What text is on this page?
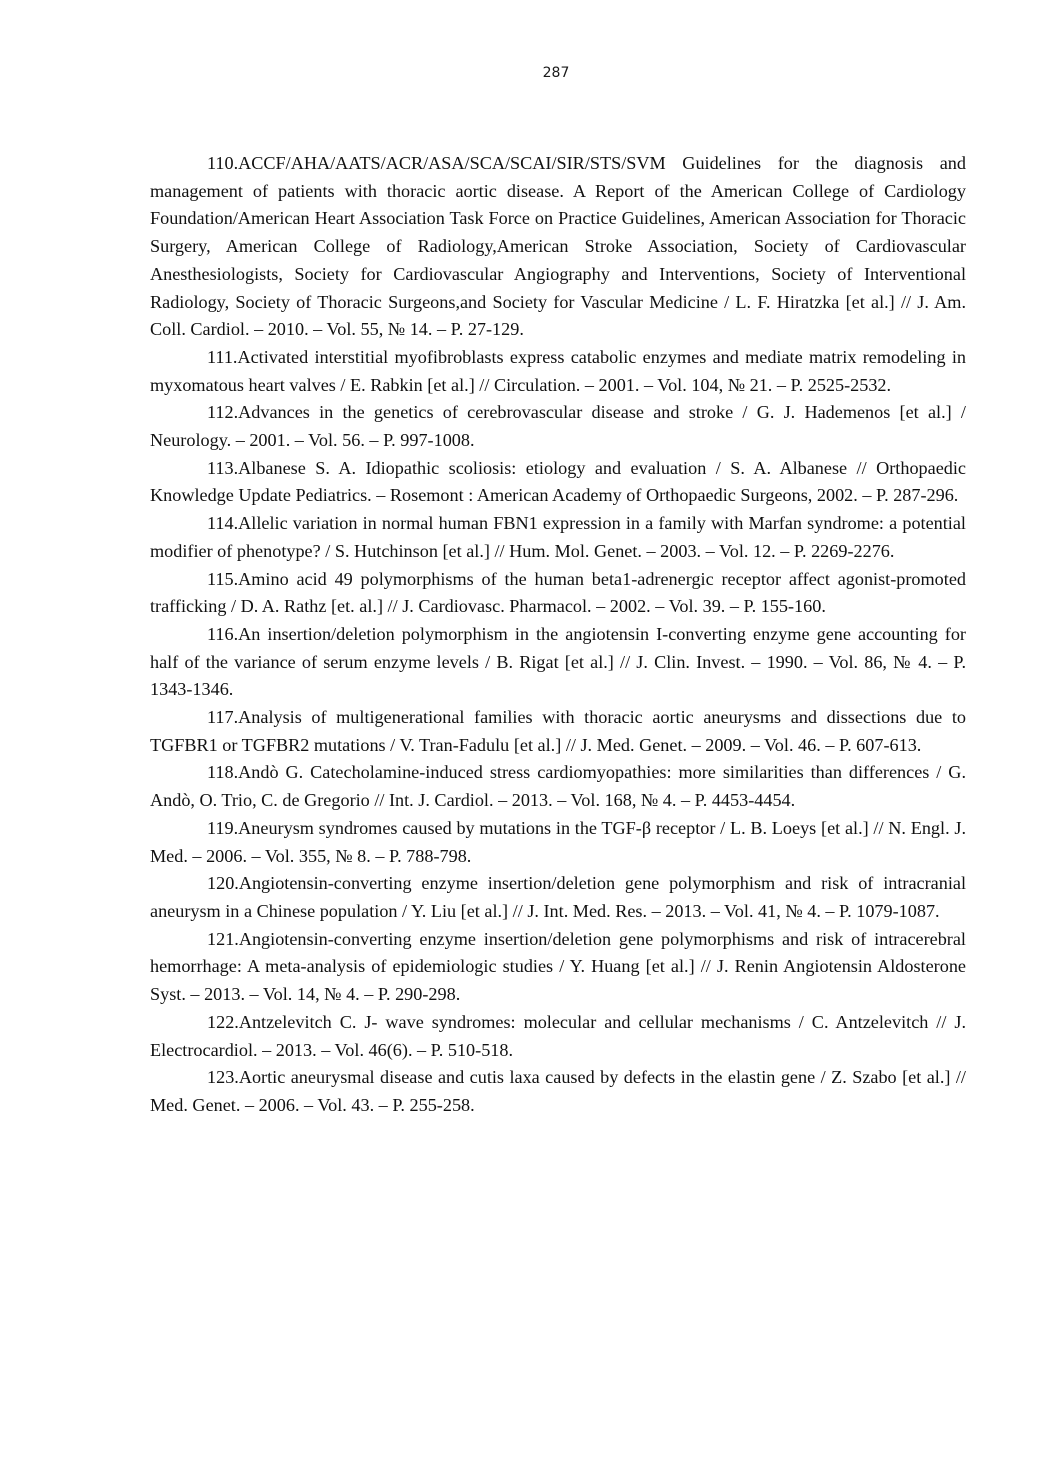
287
110.ACCF/AHA/AATS/ACR/ASA/SCA/SCAI/SIR/STS/SVM Guidelines for the diagnosis and management of patients with thoracic aortic disease. A Report of the American College of Cardiology Foundation/American Heart Association Task Force on Practice Guidelines, American Association for Thoracic Surgery, American College of Radiology,American Stroke Association, Society of Cardiovascular Anesthesiologists, Society for Cardiovascular Angiography and Interventions, Society of Interventional Radiology, Society of Thoracic Surgeons,and Society for Vascular Medicine / L. F. Hiratzka [et al.] // J. Am. Coll. Cardiol. – 2010. – Vol. 55, № 14. – P. 27-129.
111.Activated interstitial myofibroblasts express catabolic enzymes and mediate matrix remodeling in myxomatous heart valves / E. Rabkin [et al.] // Circulation. – 2001. – Vol. 104, № 21. – P. 2525-2532.
112.Advances in the genetics of cerebrovascular disease and stroke / G. J. Hademenos [et al.] / Neurology. – 2001. – Vol. 56. – P. 997-1008.
113.Albanese S. A. Idiopathic scoliosis: etiology and evaluation / S. A. Albanese // Orthopaedic Knowledge Update Pediatrics. – Rosemont : American Academy of Orthopaedic Surgeons, 2002. – P. 287-296.
114.Allelic variation in normal human FBN1 expression in a family with Marfan syndrome: a potential modifier of phenotype? / S. Hutchinson [et al.] // Hum. Mol. Genet. – 2003. – Vol. 12. – P. 2269-2276.
115.Amino acid 49 polymorphisms of the human beta1-adrenergic receptor affect agonist-promoted trafficking / D. A. Rathz [et. al.] // J. Cardiovasc. Pharmacol. – 2002. – Vol. 39. – P. 155-160.
116.An insertion/deletion polymorphism in the angiotensin I-converting enzyme gene accounting for half of the variance of serum enzyme levels / B. Rigat [et al.] // J. Clin. Invest. – 1990. – Vol. 86, № 4. – P. 1343-1346.
117.Analysis of multigenerational families with thoracic aortic aneurysms and dissections due to TGFBR1 or TGFBR2 mutations / V. Tran-Fadulu [et al.] // J. Med. Genet. – 2009. – Vol. 46. – P. 607-613.
118.Andò G. Catecholamine-induced stress cardiomyopathies: more similarities than differences / G. Andò, O. Trio, C. de Gregorio // Int. J. Cardiol. – 2013. – Vol. 168, № 4. – P. 4453-4454.
119.Aneurysm syndromes caused by mutations in the TGF-β receptor / L. B. Loeys [et al.] // N. Engl. J. Med. – 2006. – Vol. 355, № 8. – P. 788-798.
120.Angiotensin-converting enzyme insertion/deletion gene polymorphism and risk of intracranial aneurysm in a Chinese population / Y. Liu [et al.] // J. Int. Med. Res. – 2013. – Vol. 41, № 4. – P. 1079-1087.
121.Angiotensin-converting enzyme insertion/deletion gene polymorphisms and risk of intracerebral hemorrhage: A meta-analysis of epidemiologic studies / Y. Huang [et al.] // J. Renin Angiotensin Aldosterone Syst. – 2013. – Vol. 14, № 4. – P. 290-298.
122.Antzelevitch C. J- wave syndromes: molecular and cellular mechanisms / C. Antzelevitch // J. Electrocardiol. – 2013. – Vol. 46(6). – P. 510-518.
123.Aortic aneurysmal disease and cutis laxa caused by defects in the elastin gene / Z. Szabo [et al.] // Med. Genet. – 2006. – Vol. 43. – P. 255-258.
